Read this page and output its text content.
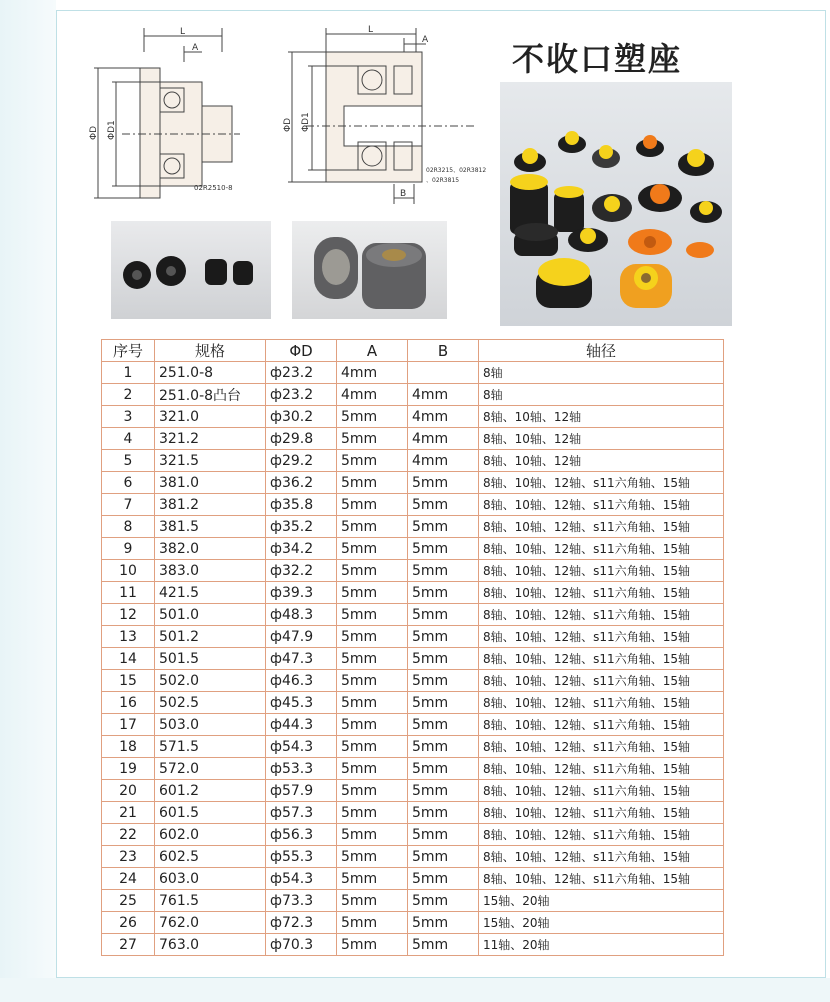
L
A
ΦD ΦD1
02R2510-8
L
A
B
ΦD ΦD1
02R3215、02R3812
、02R3815
不收口塑座
序号	规格	ΦD	A	B	轴径
1	251.0-8	ф23.2	4mm		8轴
2	251.0-8凸台	ф23.2	4mm	4mm	8轴
3	321.0	ф30.2	5mm	4mm	8轴、10轴、12轴
4	321.2	ф29.8	5mm	4mm	8轴、10轴、12轴
5	321.5	ф29.2	5mm	4mm	8轴、10轴、12轴
6	381.0	ф36.2	5mm	5mm	8轴、10轴、12轴、s11六角轴、15轴
7	381.2	ф35.8	5mm	5mm	8轴、10轴、12轴、s11六角轴、15轴
8	381.5	ф35.2	5mm	5mm	8轴、10轴、12轴、s11六角轴、15轴
9	382.0	ф34.2	5mm	5mm	8轴、10轴、12轴、s11六角轴、15轴
10	383.0	ф32.2	5mm	5mm	8轴、10轴、12轴、s11六角轴、15轴
11	421.5	ф39.3	5mm	5mm	8轴、10轴、12轴、s11六角轴、15轴
12	501.0	ф48.3	5mm	5mm	8轴、10轴、12轴、s11六角轴、15轴
13	501.2	ф47.9	5mm	5mm	8轴、10轴、12轴、s11六角轴、15轴
14	501.5	ф47.3	5mm	5mm	8轴、10轴、12轴、s11六角轴、15轴
15	502.0	ф46.3	5mm	5mm	8轴、10轴、12轴、s11六角轴、15轴
16	502.5	ф45.3	5mm	5mm	8轴、10轴、12轴、s11六角轴、15轴
17	503.0	ф44.3	5mm	5mm	8轴、10轴、12轴、s11六角轴、15轴
18	571.5	ф54.3	5mm	5mm	8轴、10轴、12轴、s11六角轴、15轴
19	572.0	ф53.3	5mm	5mm	8轴、10轴、12轴、s11六角轴、15轴
20	601.2	ф57.9	5mm	5mm	8轴、10轴、12轴、s11六角轴、15轴
21	601.5	ф57.3	5mm	5mm	8轴、10轴、12轴、s11六角轴、15轴
22	602.0	ф56.3	5mm	5mm	8轴、10轴、12轴、s11六角轴、15轴
23	602.5	ф55.3	5mm	5mm	8轴、10轴、12轴、s11六角轴、15轴
24	603.0	ф54.3	5mm	5mm	8轴、10轴、12轴、s11六角轴、15轴
25	761.5	ф73.3	5mm	5mm	15轴、20轴
26	762.0	ф72.3	5mm	5mm	15轴、20轴
27	763.0	ф70.3	5mm	5mm	11轴、20轴
